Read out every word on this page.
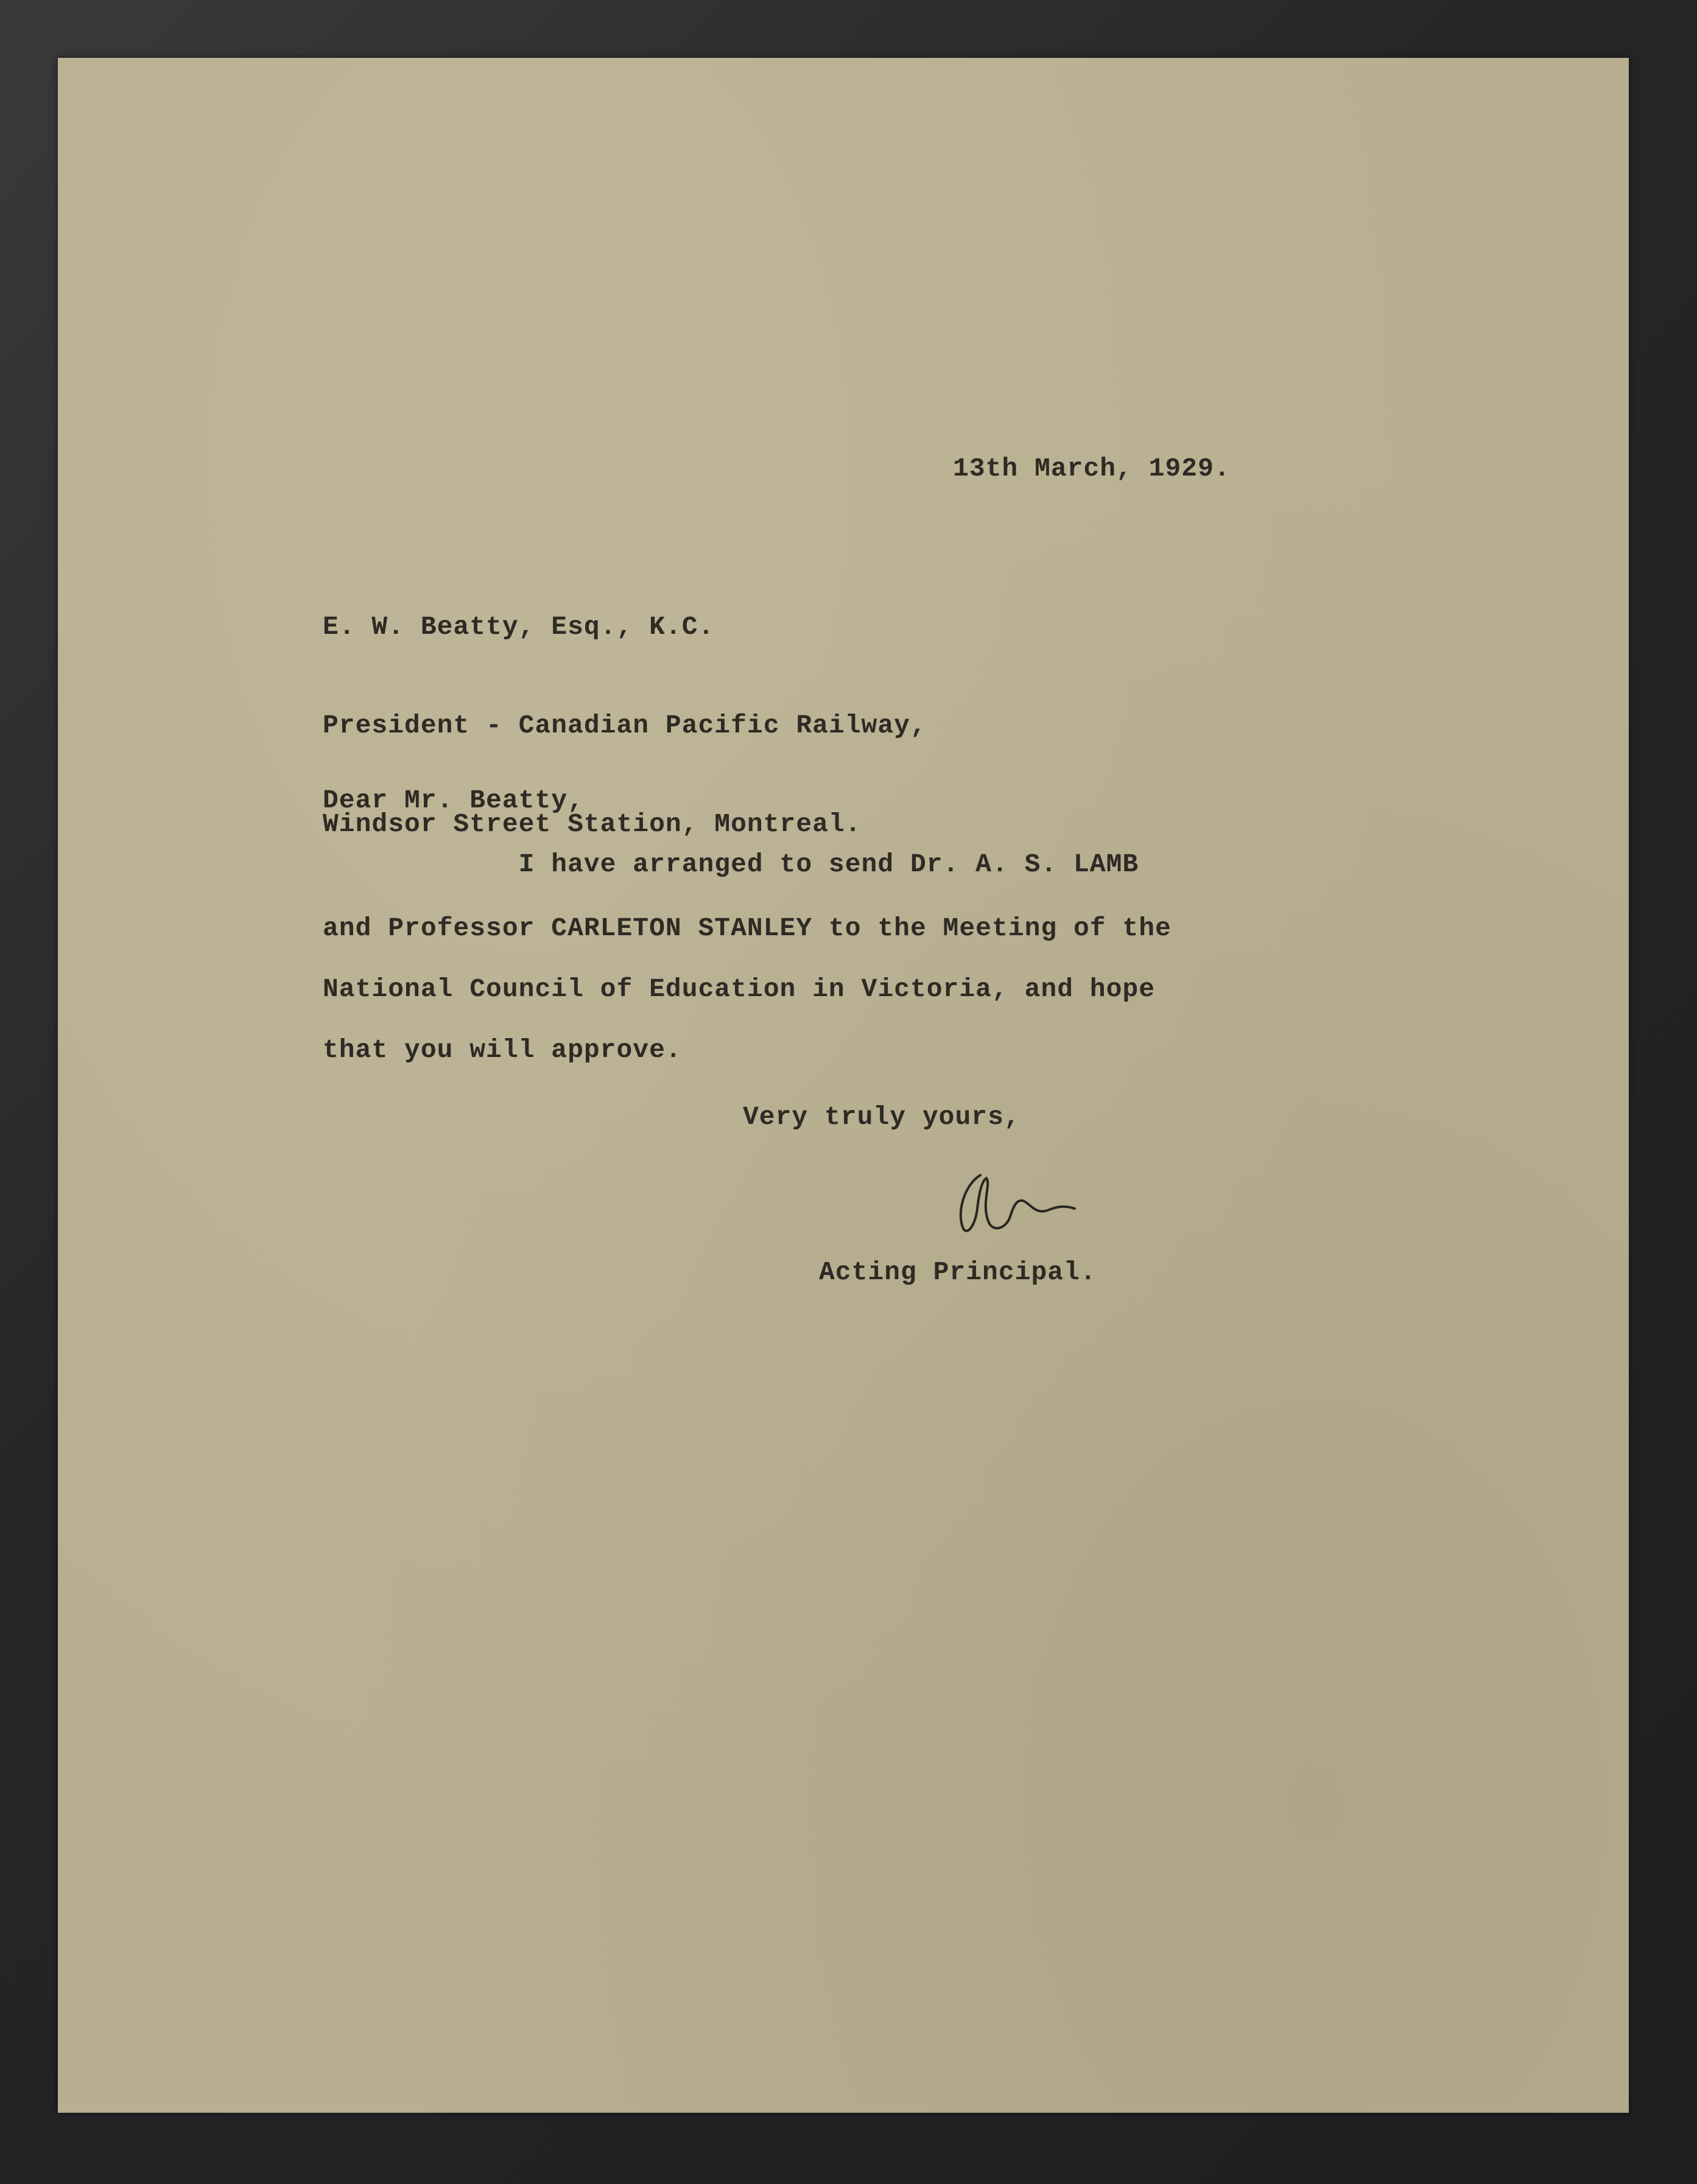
13th March, 1929.

E. W. Beatty, Esq., K.C.

President - Canadian Pacific Railway,

Windsor Street Station, Montreal.

Dear Mr. Beatty,
I have arranged to send Dr. A. S. LAMB
and Professor CARLETON STANLEY to the Meeting of the
National Council of Education in Victoria, and hope
that you will approve.
Very truly yours,
Acting Principal.
